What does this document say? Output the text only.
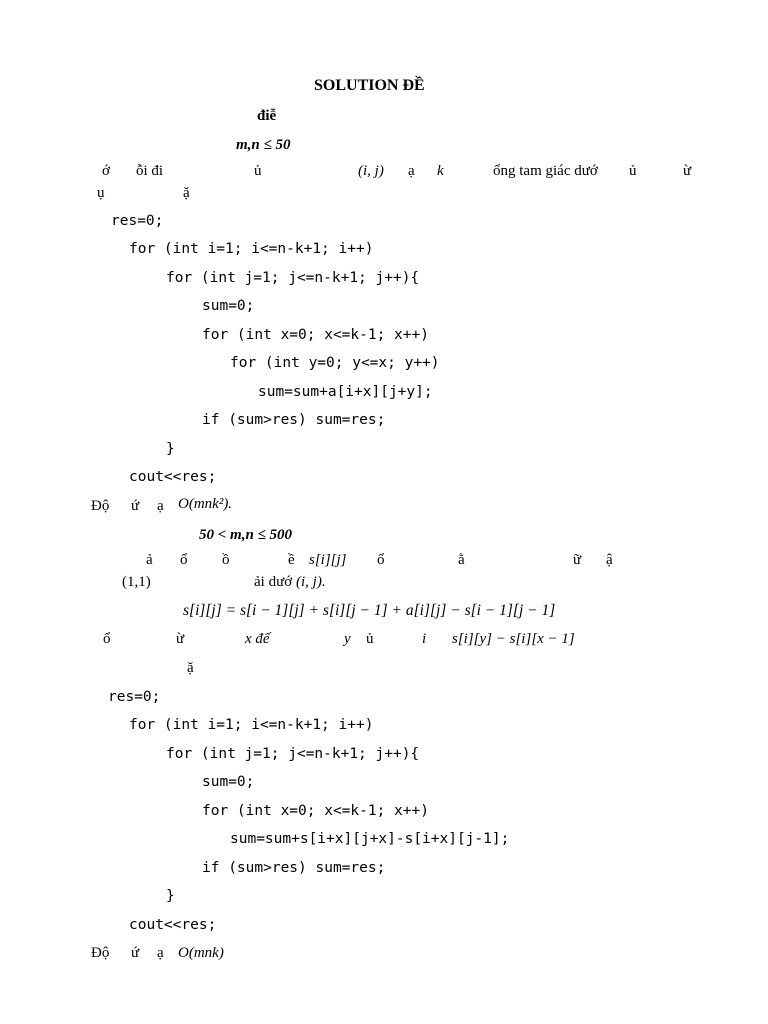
SOLUTION ĐỀ
điễ
m,n ≤ 50
ớ ỗi đi	ủ	(i, j) ạ k	ổng tam giác dướ ủ	ừ
ụ	ặ
res=0;
for (int i=1; i<=n-k+1; i++)
for (int j=1; j<=n-k+1; j++){
sum=0;
for (int x=0; x<=k-1; x++)
for (int y=0; y<=x; y++)
sum=sum+a[i+x][j+y];
if (sum>res) sum=res;
}
cout<<res;
Độ ứ ạ O(mnk²).
50 < m,n ≤ 500
ả ổ ồ	ề s[i][j] ổ	ằ	ữ ậ
(1,1)	ải dướ (i, j).
s[i][j] = s[i − 1][j] + s[i][j − 1] + a[i][j] − s[i − 1][j − 1]
ổ	ừ	x đế	y ủ	i s[i][y] − s[i][x − 1]
ặ
res=0;
for (int i=1; i<=n-k+1; i++)
for (int j=1; j<=n-k+1; j++){
sum=0;
for (int x=0; x<=k-1; x++)
sum=sum+s[i+x][j+x]-s[i+x][j-1];
if (sum>res) sum=res;
}
cout<<res;
Độ ứ ạ O(mnk)
